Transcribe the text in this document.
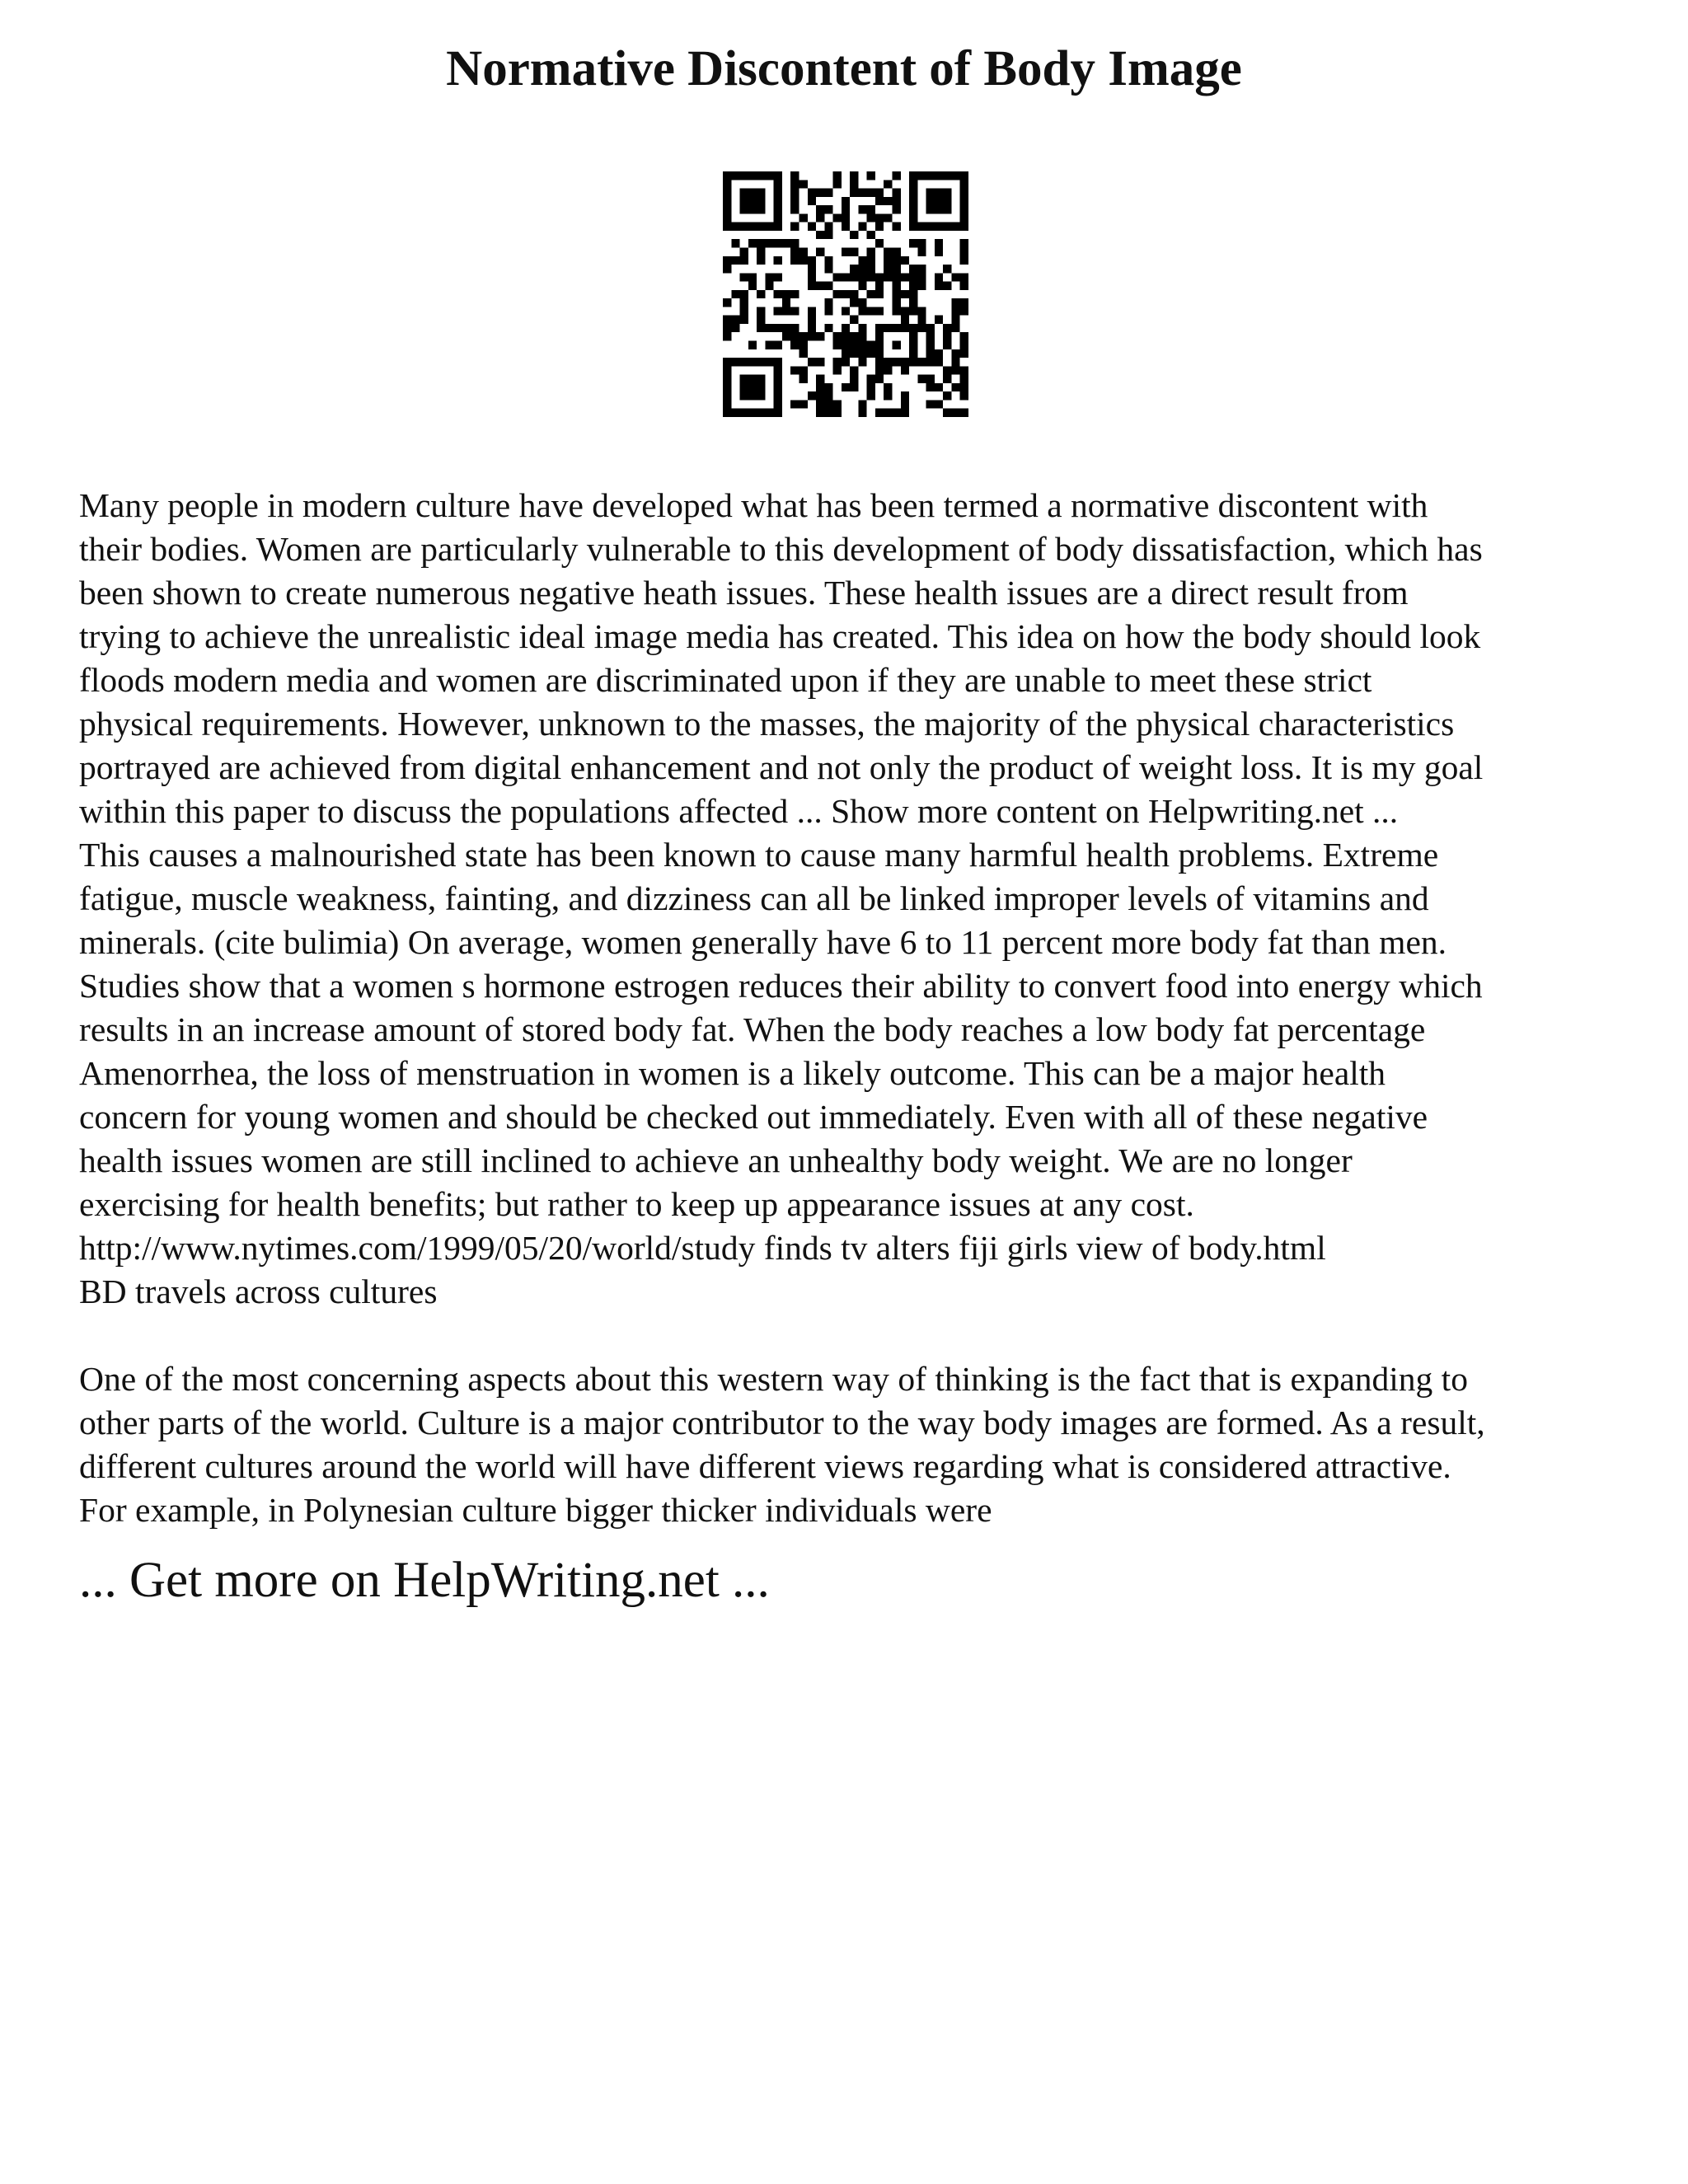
Normative Discontent of Body Image

Many people in modern culture have developed what has been termed a normative discontent with
their bodies. Women are particularly vulnerable to this development of body dissatisfaction, which has
been shown to create numerous negative heath issues. These health issues are a direct result from
trying to achieve the unrealistic ideal image media has created. This idea on how the body should look
floods modern media and women are discriminated upon if they are unable to meet these strict
physical requirements. However, unknown to the masses, the majority of the physical characteristics
portrayed are achieved from digital enhancement and not only the product of weight loss. It is my goal
within this paper to discuss the populations affected ... Show more content on Helpwriting.net ...
This causes a malnourished state has been known to cause many harmful health problems. Extreme
fatigue, muscle weakness, fainting, and dizziness can all be linked improper levels of vitamins and
minerals. (cite bulimia) On average, women generally have 6 to 11 percent more body fat than men.
Studies show that a women s hormone estrogen reduces their ability to convert food into energy which
results in an increase amount of stored body fat. When the body reaches a low body fat percentage
Amenorrhea, the loss of menstruation in women is a likely outcome. This can be a major health
concern for young women and should be checked out immediately. Even with all of these negative
health issues women are still inclined to achieve an unhealthy body weight. We are no longer
exercising for health benefits; but rather to keep up appearance issues at any cost.
http://www.nytimes.com/1999/05/20/world/study finds tv alters fiji girls view of body.html
BD travels across cultures

One of the most concerning aspects about this western way of thinking is the fact that is expanding to
other parts of the world. Culture is a major contributor to the way body images are formed. As a result,
different cultures around the world will have different views regarding what is considered attractive.
For example, in Polynesian culture bigger thicker individuals were

... Get more on HelpWriting.net ...
